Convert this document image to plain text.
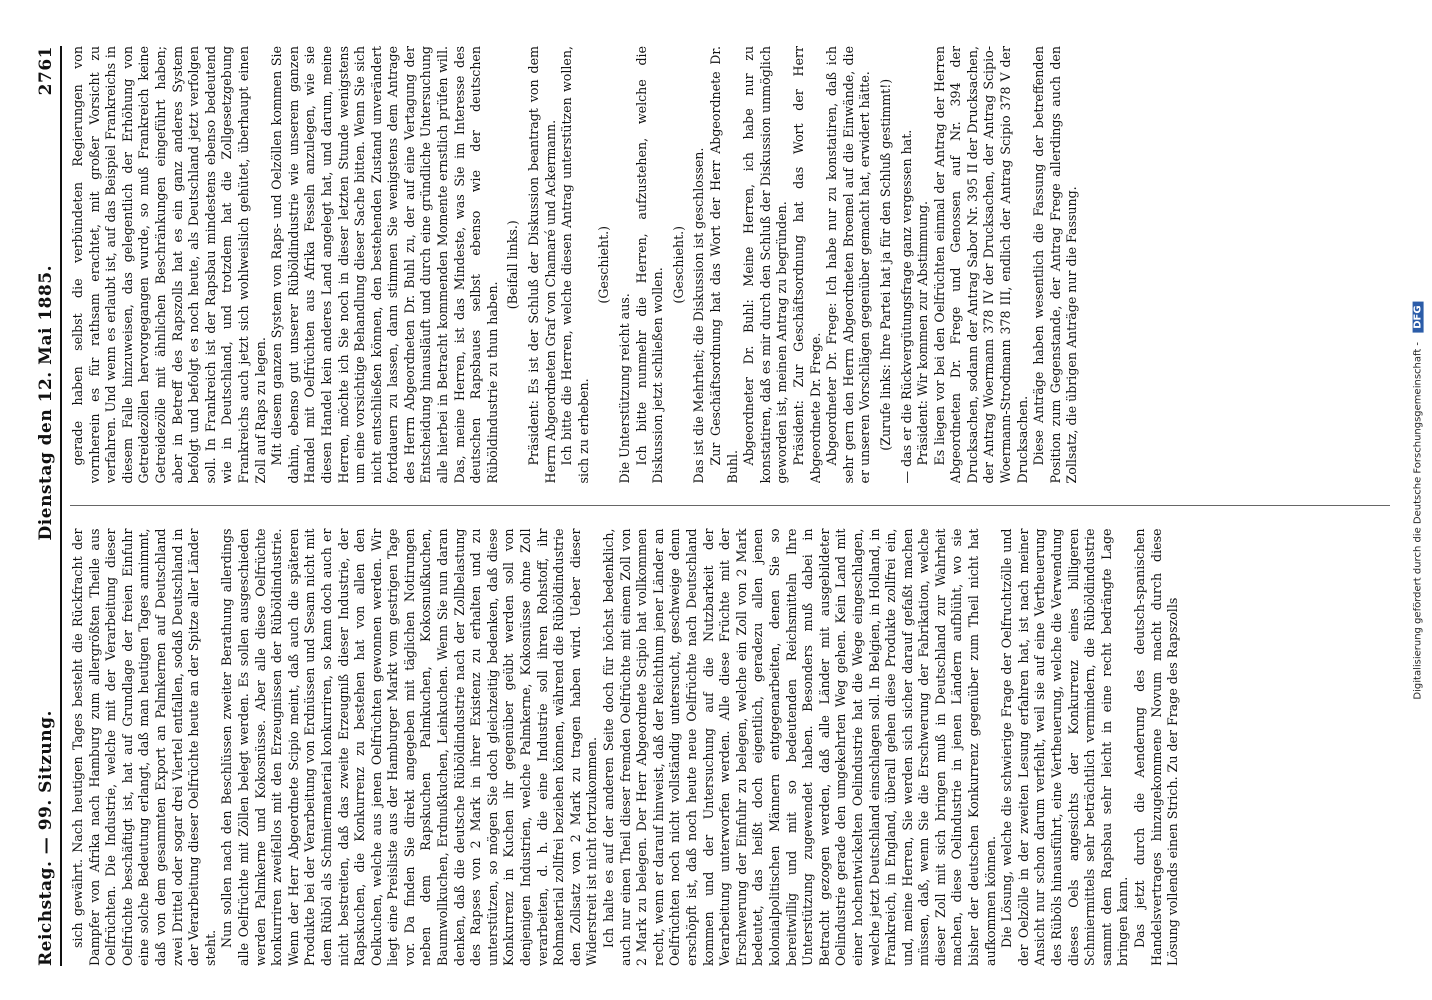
Reichstag. — 99. Sitzung.
Dienstag den 12. Mai 1885.
2761

sich gewährt. Nach heutigen Tages besteht die Rückfracht der Dampfer von Afrika nach Hamburg zum allergrößten Theile aus Oelfrüchten. Die Industrie, welche mit der Verarbeitung dieser Oelfrüchte beschäftigt ist, hat auf Grundlage der freien Einfuhr eine solche Bedeutung erlangt, daß man heutigen Tages annimmt, daß von dem gesammten Export an Palmkernen auf Deutschland zwei Drittel oder sogar drei Viertel entfallen, sodaß Deutschland in der Verarbeitung dieser Oelfrüchte heute an der Spitze aller Länder steht. Nun sollen nach den Beschlüssen zweiter Berathung allerdings alle Oelfrüchte mit Zöllen belegt werden. Es sollen ausgeschieden werden Palmkerne und Kokosnüsse. Aber alle diese Oelfrüchte konkurriren zweifellos mit den Erzeugnissen der Rüböldindustrie. Wenn der Herr Abgeordnete Scipio meint, daß auch die späteren Produkte bei der Verarbeitung von Erdnüssen und Sesam nicht mit dem Rüböl als Schmiermaterial konkurriren, so kann doch auch er nicht bestreiten, daß das zweite Erzeugniß dieser Industrie, der Rapskuchen, die Konkurrenz zu bestehen hat von allen den Oelkuchen, welche aus jenen Oelfrüchten gewonnen werden. Wir liegt eine Preisliste aus der Hamburger Markt vom gestrigen Tage vor. Da finden Sie direkt angegeben mit täglichen Notirungen neben dem Rapskuchen Palmkuchen, Kokosnußkuchen, Baumwollkuchen, Erdnußkuchen, Leinkuchen. Wenn Sie nun daran denken, daß die deutsche Rüböldindustrie nach der Zollbelastung des Rapses von 2 Mark in ihrer Existenz zu erhalten und zu unterstützen, so mögen Sie doch gleichzeitig bedenken, daß diese Konkurrenz in Kuchen ihr gegenüber geübt werden soll von denjenigen Industrien, welche Palmkerne, Kokosnüsse ohne Zoll verarbeiten, d. h. die eine Industrie soll ihren Rohstoff, ihr Rohmaterial zollfrei beziehen können, während die Rüböldindustrie den Zollsatz von 2 Mark zu tragen haben wird. Ueber dieser Widerstreit ist nicht fortzukommen. Ich halte es auf der anderen Seite doch für höchst bedenklich, auch nur einen Theil dieser fremden Oelfrüchte mit einem Zoll von 2 Mark zu belegen. Der Herr Abgeordnete Scipio hat vollkommen recht, wenn er darauf hinweist, daß der Reichthum jener Länder an Oelfrüchten noch nicht vollständig untersucht, geschweige denn erschöpft ist, daß noch heute neue Oelfrüchte nach Deutschland kommen und der Untersuchung auf die Nutzbarkeit der Verarbeitung unterworfen werden. Alle diese Früchte mit der Erschwerung der Einfuhr zu belegen, welche ein Zoll von 2 Mark bedeutet, das heißt doch eigentlich, geradezu allen jenen kolonialpolitischen Männern entgegenarbeiten, denen Sie so bereitwillig und mit so bedeutenden Reichsmitteln Ihre Unterstützung zugewendet haben. Besonders muß dabei in Betracht gezogen werden, daß alle Länder mit ausgebildeter Oelindustrie gerade den umgekehrten Weg gehen. Kein Land mit einer hochentwickelten Oelindustrie hat die Wege eingeschlagen, welche jetzt Deutschland einschlagen soll. In Belgien, in Holland, in Frankreich, in England, überall gehen diese Produkte zollfrei ein, und, meine Herren, Sie werden sich sicher darauf gefaßt machen müssen, daß, wenn Sie die Erschwerung der Fabrikation, welche dieser Zoll mit sich bringen muß in Deutschland zur Wahrheit machen, diese Oelindustrie in jenen Ländern aufblüht, wo sie bisher der deutschen Konkurrenz gegenüber zum Theil nicht hat aufkommen können. Die Lösung, welche die schwierige Frage der Oelfruchtzölle und der Oelzölle in der zweiten Lesung erfahren hat, ist nach meiner Ansicht nur schon darum verfehlt, weil sie auf eine Vertheuerung des Rüböls hinausführt, eine Vertheuerung, welche die Verwendung dieses Oels angesichts der Konkurrenz eines billigeren Schmiermittels sehr beträchtlich vermindern, die Rüböldindustrie sammt dem Rapsbau sehr leicht in eine recht bedrängte Lage bringen kann. Das jetzt durch die Aenderung des deutsch-spanischen Handelsvertrages hinzugekommene Novum macht durch diese Lösung vollends einen Strich. Zu der Frage des Rapszolls

gerade haben selbst die verbündeten Regierungen von vornherein es für rathsam erachtet, mit großer Vorsicht zu verfahren. Und wenn es erlaubt ist, auf das Beispiel Frankreichs in diesem Falle hinzuweisen, das gelegentlich der Erhöhung von Getreidezöllen hervorgegangen wurde, so muß Frankreich keine Getreidezölle mit ähnlichen Beschränkungen eingeführt haben; aber in Betreff des Rapszolls hat es ein ganz anderes System befolgt und befolgt es noch heute, als Deutschland jetzt verfolgen soll. In Frankreich ist der Rapsbau mindestens ebenso bedeutend wie in Deutschland, und trotzdem hat die Zollgesetzgebung Frankreichs auch jetzt sich wohlweislich gehütet, überhaupt einen Zoll auf Raps zu legen. Mit diesem ganzen System von Raps- und Oelzöllen kommen Sie dahin, ebenso gut unserer Rüböldindustrie wie unserem ganzen Handel mit Oelfrüchten aus Afrika Fesseln anzulegen, wie sie diesen Handel kein anderes Land angelegt hat, und darum, meine Herren, möchte ich Sie noch in dieser letzten Stunde wenigstens um eine vorsichtige Behandlung dieser Sache bitten. Wenn Sie sich nicht entschließen können, den bestehenden Zustand unverändert fortdauern zu lassen, dann stimmen Sie wenigstens dem Antrage des Herrn Abgeordneten Dr. Buhl zu, der auf eine Vertagung der Entscheidung hinausläuft und durch eine gründliche Untersuchung alle hierbei in Betracht kommenden Momente ernstlich prüfen will. Das, meine Herren, ist das Mindeste, was Sie im Interesse des deutschen Rapsbaues selbst ebenso wie der deutschen Rüböldindustrie zu thun haben.

(Beifall links.) Präsident: Es ist der Schluß der Diskussion beantragt von dem Herrn Abgeordneten Graf von Chamaré und Ackermann. Ich bitte die Herren, welche diesen Antrag unterstützen wollen, sich zu erheben.

(Geschieht.)

Die Unterstützung reicht aus. Ich bitte nunmehr die Herren, aufzustehen, welche die Diskussion jetzt schließen wollen.

(Geschieht.) Das ist die Mehrheit; die Diskussion ist geschlossen. Zur Geschäftsordnung hat das Wort der Herr Abgeordnete Dr. Buhl.

Abgeordneter Dr. Buhl: Meine Herren, ich habe nur zu konstatiren, daß es mir durch den Schluß der Diskussion unmöglich geworden ist, meinen Antrag zu begründen. Präsident: Zur Geschäftsordnung hat das Wort der Herr Abgeordnete Dr. Frege. Abgeordneter Dr. Frege: Ich habe nur zu konstatiren, daß ich sehr gern den Herrn Abgeordneten Broemel auf die Einwände, die er unseren Vorschlägen gegenüber gemacht hat, erwidert hätte. (Zurufe links: Ihre Partei hat ja für den Schluß gestimmt!) — das er die Rückvergütungsfrage ganz vergessen hat. Präsident: Wir kommen zur Abstimmung. Es liegen vor bei den Oelfrüchten einmal der Antrag der Herren Abgeordneten Dr. Frege und Genossen auf Nr. 394 der Drucksachen, sodann der Antrag Sabor Nr. 395 II der Drucksachen, der Antrag Woermann 378 IV der Drucksachen, der Antrag Scipio-Woermann-Strodmann 378 III, endlich der Antrag Scipio 378 V der Drucksachen. Diese Anträge haben wesentlich die Fassung der betreffenden Position zum Gegenstande, der Antrag Frege allerdings auch den Zollsatz, die übrigen Anträge nur die Fassung.

Digitalisierung gefördert durch die Deutsche Forschungsgemeinschaft - DFG
